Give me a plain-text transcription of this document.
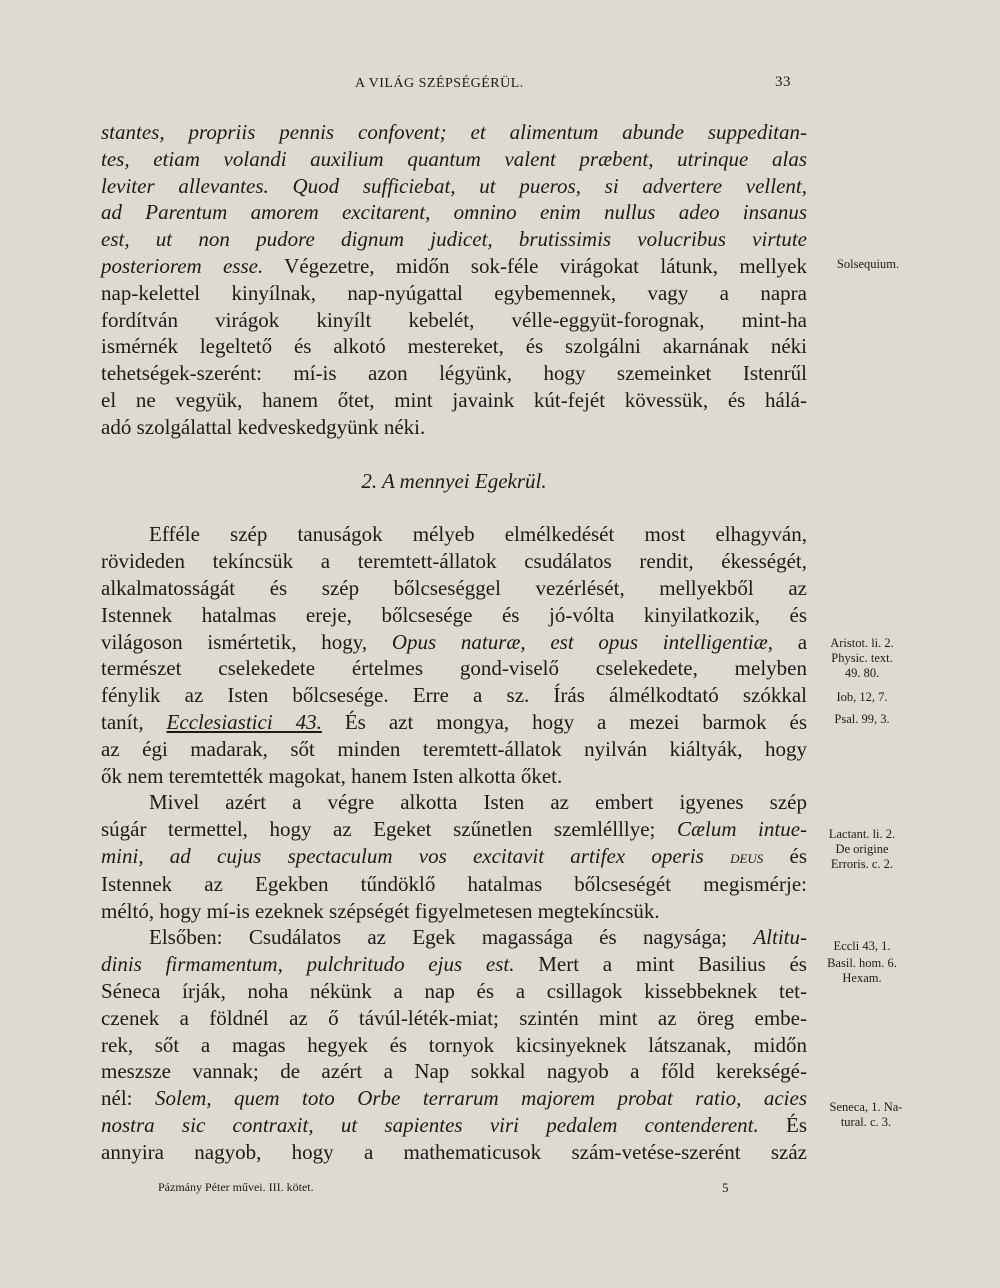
A VILÁG SZÉPSÉGÉRÜL.	33
stantes, propriis pennis confovent; et alimentum abunde suppeditan-
tes, etiam volandi auxilium quantum valent præbent, utrinque alas
leviter allevantes. Quod sufficiebat, ut pueros, si advertere vellent,
ad Parentum amorem excitarent, omnino enim nullus adeo insanus
est, ut non pudore dignum judicet, brutissimis volucribus virtute
posteriorem esse. Végezetre, midőn sok-féle virágokat látunk, mellyek
nap-kelettel kinyílnak, nap-nyúgattal egybemennek, vagy a napra
fordítván virágok kinyílt kebelét, vélle-eggyüt-forognak, mint-ha
ismérnék legeltető és alkotó mestereket, és szolgálni akarnának néki
tehetségek-szerént: mí-is azon légyünk, hogy szemeinket Istenrűl
el ne vegyük, hanem őtet, mint javaink kút-fejét kövessük, és hálá-
adó szolgálattal kedveskedgyünk néki.
2. A mennyei Egekrül.
Efféle szép tanuságok mélyeb elmélkedését most elhagyván,
rövideden tekíncsük a teremtett-állatok csudálatos rendit, ékességét,
alkalmatosságát és szép bőlcseséggel vezérlését, mellyekből az
Istennek hatalmas ereje, bőlcsesége és jó-vólta kinyilatkozik, és
világoson ismértetik, hogy, Opus naturæ, est opus intelligentiæ, a
természet cselekedete értelmes gond-viselő cselekedete, melyben
fénylik az Isten bőlcsesége. Erre a sz. Írás álmélkodtató szókkal
tanít, Ecclesiastici 43. És azt mongya, hogy a mezei barmok és
az égi madarak, sőt minden teremtett-állatok nyilván kiáltyák, hogy
ők nem teremtették magokat, hanem Isten alkotta őket.
Mivel azért a végre alkotta Isten az embert igyenes szép
súgár termettel, hogy az Egeket szűnetlen szemlélllye; Cælum intue-
mini, ad cujus spectaculum vos excitavit artifex operis deus és
Istennek az Egekben tűndöklő hatalmas bőlcseségét megismérje:
méltó, hogy mí-is ezeknek szépségét figyelmetesen megtekíncsük.
Elsőben: Csudálatos az Egek magassága és nagysága; Altitu-
dinis firmamentum, pulchritudo ejus est. Mert a mint Basilius és
Séneca írják, noha nékünk a nap és a csillagok kissebbeknek tet-
czenek a földnél az ő távúl-léték-miat; szintén mint az öreg embe-
rek, sőt a magas hegyek és tornyok kicsinyeknek látszanak, midőn
meszsze vannak; de azért a Nap sokkal nagyob a főld kerekségé-
nél: Solem, quem toto Orbe terrarum majorem probat ratio, acies
nostra sic contraxit, ut sapientes viri pedalem contenderent. És
annyira nagyob, hogy a mathematicusok szám-vetése-szerént száz
Solsequium.
Aristot. li. 2.
Physic. text.
49. 80.
Iob, 12, 7.
Psal. 99, 3.
Lactant. li. 2.
De origine
Erroris. c. 2.
Eccli 43, 1.
Basil. hom. 6.
Hexam.
Seneca, 1. Na-
tural. c. 3.
Pázmány Péter művei. III. kötet.	5
